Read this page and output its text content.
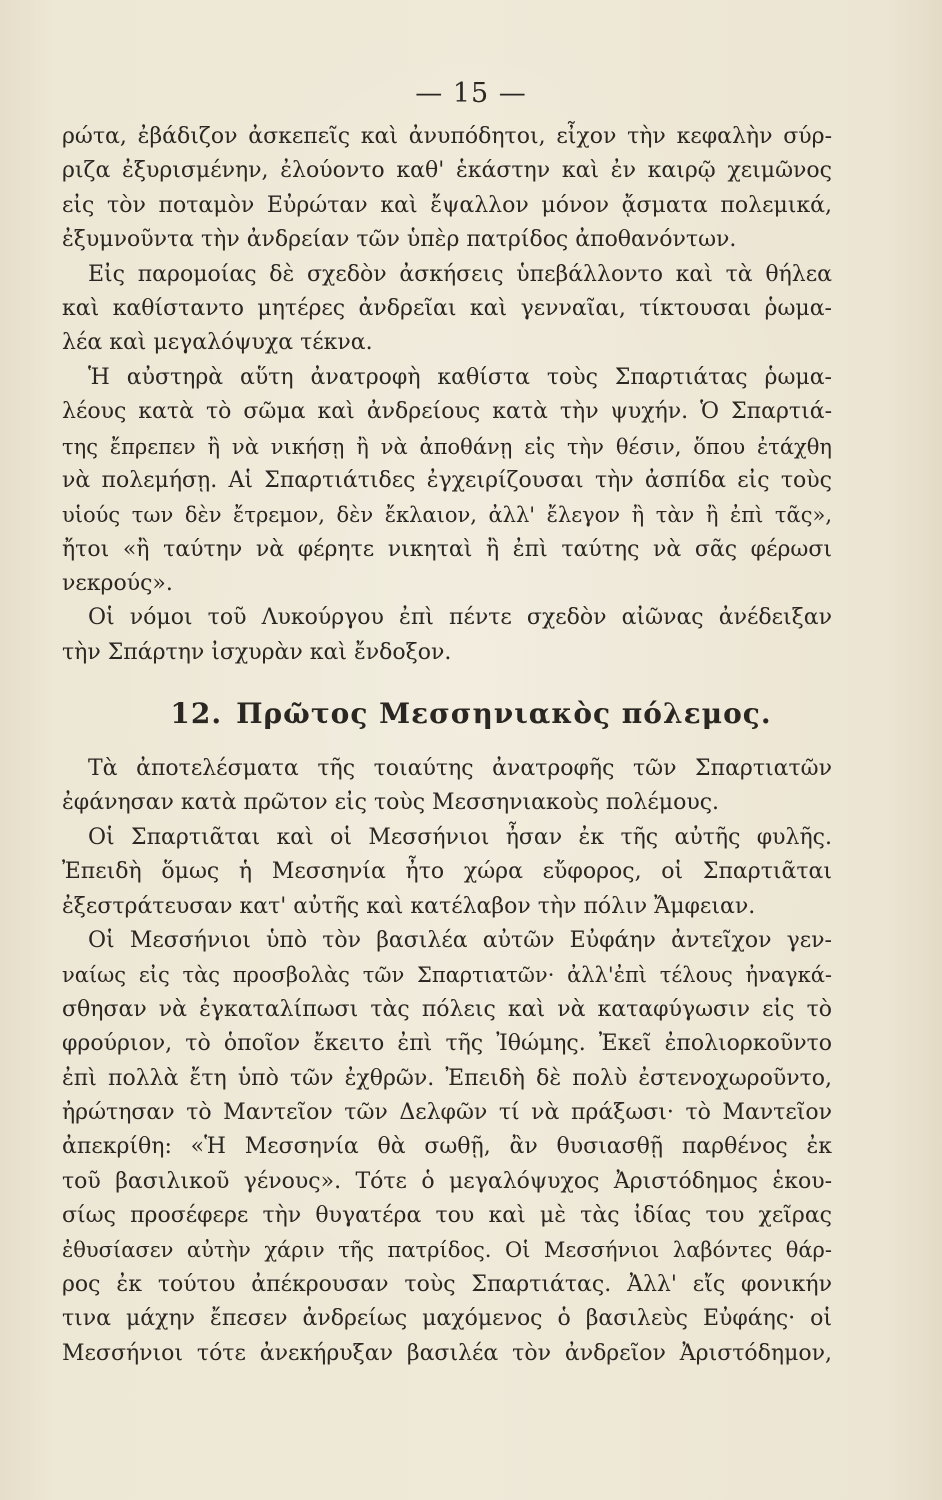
— 15 —
ρώτα, ἐβάδιζον ἀσκεπεῖς καὶ ἀνυπόδητοι, εἶχον τὴν κεφαλὴν σύρ-
ριζα ἐξυρισμένην, ἐλούοντο καθ' ἑκάστην καὶ ἐν καιρῷ χειμῶνος
εἰς τὸν ποταμὸν Εὐρώταν καὶ ἔψαλλον μόνον ᾄσματα πολεμικά,
ἐξυμνοῦντα τὴν ἀνδρείαν τῶν ὑπὲρ πατρίδος ἀποθανόντων.
Εἰς παρομοίας δὲ σχεδὸν ἀσκήσεις ὑπεβάλλοντο καὶ τὰ θήλεα
καὶ καθίσταντο μητέρες ἀνδρεῖαι καὶ γενναῖαι, τίκτουσαι ῥωμα-
λέα καὶ μεγαλόψυχα τέκνα.
Ἡ αὐστηρὰ αὕτη ἀνατροφὴ καθίστα τοὺς Σπαρτιάτας ῥωμα-
λέους κατὰ τὸ σῶμα καὶ ἀνδρείους κατὰ τὴν ψυχήν. Ὁ Σπαρτιά-
της ἔπρεπεν ἢ νὰ νικήσῃ ἢ νὰ ἀποθάνῃ εἰς τὴν θέσιν, ὅπου ἐτάχθη
νὰ πολεμήσῃ. Αἱ Σπαρτιάτιδες ἐγχειρίζουσαι τὴν ἀσπίδα εἰς τοὺς
υἱούς των δὲν ἔτρεμον, δὲν ἔκλαιον, ἀλλ' ἔλεγον ἢ τὰν ἢ ἐπὶ τᾶς»,
ἤτοι «ἢ ταύτην νὰ φέρητε νικηταὶ ἢ ἐπὶ ταύτης νὰ σᾶς φέρωσι
νεκρούς».
Οἱ νόμοι τοῦ Λυκούργου ἐπὶ πέντε σχεδὸν αἰῶνας ἀνέδειξαν
τὴν Σπάρτην ἰσχυρὰν καὶ ἔνδοξον.
12. Πρῶτος Μεσσηνιακὸς πόλεμος.
Τὰ ἀποτελέσματα τῆς τοιαύτης ἀνατροφῆς τῶν Σπαρτιατῶν
ἐφάνησαν κατὰ πρῶτον εἰς τοὺς Μεσσηνιακοὺς πολέμους.
Οἱ Σπαρτιᾶται καὶ οἱ Μεσσήνιοι ἦσαν ἐκ τῆς αὐτῆς φυλῆς.
Ἐπειδὴ ὅμως ἡ Μεσσηνία ἦτο χώρα εὔφορος, οἱ Σπαρτιᾶται
ἐξεστράτευσαν κατ' αὐτῆς καὶ κατέλαβον τὴν πόλιν Ἄμφειαν.
Οἱ Μεσσήνιοι ὑπὸ τὸν βασιλέα αὐτῶν Εὐφάην ἀντεῖχον γεν-
ναίως εἰς τὰς προσβολὰς τῶν Σπαρτιατῶν· ἀλλ'ἐπὶ τέλους ἠναγκά-
σθησαν νὰ ἐγκαταλίπωσι τὰς πόλεις καὶ νὰ καταφύγωσιν εἰς τὸ
φρούριον, τὸ ὁποῖον ἔκειτο ἐπὶ τῆς Ἰθώμης. Ἐκεῖ ἐπολιορκοῦντο
ἐπὶ πολλὰ ἔτη ὑπὸ τῶν ἐχθρῶν. Ἐπειδὴ δὲ πολὺ ἐστενοχωροῦντο,
ἠρώτησαν τὸ Μαντεῖον τῶν Δελφῶν τί νὰ πράξωσι· τὸ Μαντεῖον
ἀπεκρίθη: «Ἡ Μεσσηνία θὰ σωθῇ, ἂν θυσιασθῇ παρθένος ἐκ
τοῦ βασιλικοῦ γένους». Τότε ὁ μεγαλόψυχος Ἀριστόδημος ἑκου-
σίως προσέφερε τὴν θυγατέρα του καὶ μὲ τὰς ἰδίας του χεῖρας
ἐθυσίασεν αὐτὴν χάριν τῆς πατρίδος. Οἱ Μεσσήνιοι λαβόντες θάρ-
ρος ἐκ τούτου ἀπέκρουσαν τοὺς Σπαρτιάτας. Ἀλλ' εἴς φονικήν
τινα μάχην ἔπεσεν ἀνδρείως μαχόμενος ὁ βασιλεὺς Εὐφάης· οἱ
Μεσσήνιοι τότε ἀνεκήρυξαν βασιλέα τὸν ἀνδρεῖον Ἀριστόδημον,
